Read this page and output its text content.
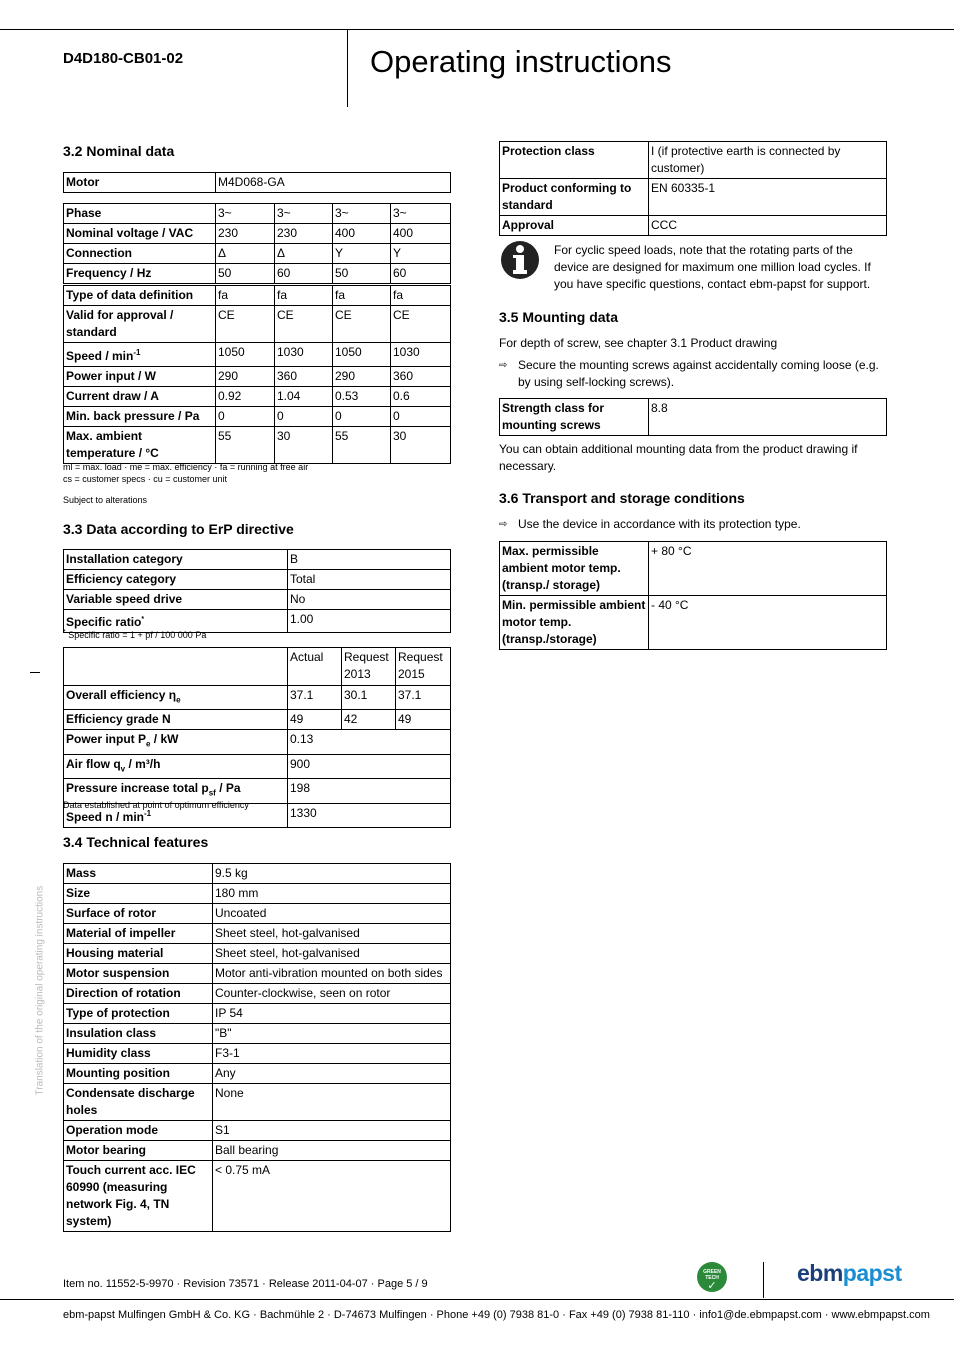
D4D180-CB01-02	Operating instructions
3.2 Nominal data
Motor	M4D068-GA
Phase	3~	3~	3~	3~
Nominal voltage / VAC	230	230	400	400
Connection	Δ	Δ	Y	Y
Frequency / Hz	50	60	50	60
Type of data definition	fa	fa	fa	fa
Valid for approval / standard	CE	CE	CE	CE
Speed / $\min^{-1}$	1050	1030	1050	1030
Power input / W	290	360	290	360
Current draw / A	0.92	1.04	0.53	0.6
Min. back pressure / Pa	0	0	0	0
Max. ambient temperature / °C	55	30	55	30
ml = max. load · me = max. efficiency · fa = running at free air
cs = customer specs · cu = customer unit
Subject to alterations
3.3 Data according to ErP directive
Installation category	B
Efficiency category	Total
Variable speed drive	No
Specific ratio*	1.00
* Specific ratio = 1 + pf / 100 000 Pa
	Actual	Request 2013	Request 2015
Overall efficiency $\eta_e$	37.1	30.1	37.1
Efficiency grade N	49	42	49
Power input $P_e$ / kW	0.13		
Air flow $q_v / m^3/h$	900		
Pressure increase total $p_{sf}$ / Pa	198		
Speed n / $\min^{-1}$	1330		
Data established at point of optimum efficiency
3.4 Technical features
Mass	9.5 kg
Size	180 mm
Surface of rotor	Uncoated
Material of impeller	Sheet steel, hot-galvanised
Housing material	Sheet steel, hot-galvanised
Motor suspension	Motor anti-vibration mounted on both sides
Direction of rotation	Counter-clockwise, seen on rotor
Type of protection	IP 54
Insulation class	"B"
Humidity class	F3-1
Mounting position	Any
Condensate discharge holes	None
Operation mode	S1
Motor bearing	Ball bearing
Touch current acc. IEC 60990 (measuring network Fig. 4, TN system)	< 0.75 mA
Translation of the original operating instructions
Protection class	I (if protective earth is connected by customer)
Product conforming to standard	EN 60335-1
Approval	CCC
For cyclic speed loads, note that the rotating parts of the device are designed for maximum one million load cycles. If you have specific questions, contact ebm-papst for support.
3.5 Mounting data
For depth of screw, see chapter 3.1 Product drawing
⇨ Secure the mounting screws against accidentally coming loose (e.g. by using self-locking screws).
Strength class for mounting screws	8.8
You can obtain additional mounting data from the product drawing if necessary.
3.6 Transport and storage conditions
⇨ Use the device in accordance with its protection type.
Max. permissible ambient motor temp. (transp./ storage)	+ 80 °C
Min. permissible ambient motor temp. (transp./storage)	- 40 °C
Item no. 11552-5-9970 · Revision 73571 · Release 2011-04-07 · Page 5 / 9
GREEN TECH
✓	ebmpapst
ebm-papst Mulfingen GmbH & Co. KG · Bachmühle 2 · D-74673 Mulfingen · Phone +49 (0) 7938 81-0 · Fax +49 (0) 7938 81-110 · info1@de.ebmpapst.com · www.ebmpapst.com
